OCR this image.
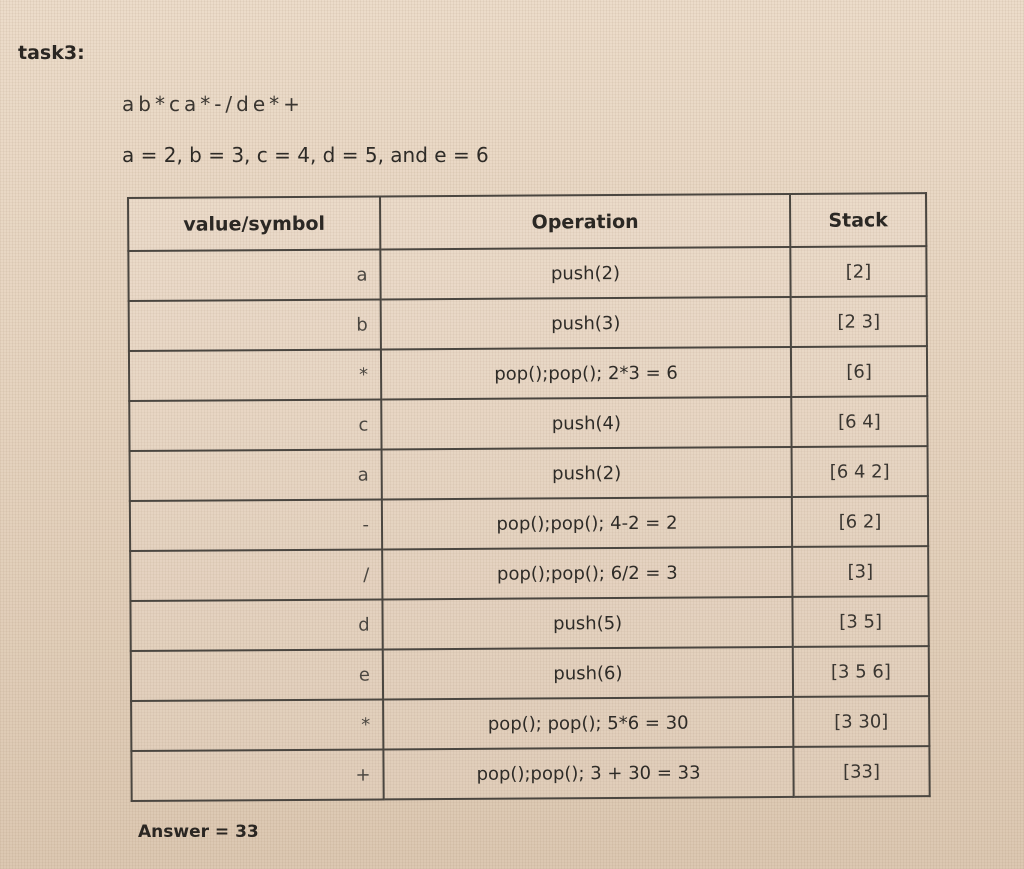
task3:
ab*ca*-/de*+
a = 2, b = 3, c = 4, d = 5, and e = 6
value/symbol	Operation	Stack
a	push(2)	[2]
b	push(3)	[2 3]
*	pop();pop(); 2*3 = 6	[6]
c	push(4)	[6 4]
a	push(2)	[6 4 2]
-	pop();pop(); 4-2 = 2	[6 2]
/	pop();pop(); 6/2 = 3	[3]
d	push(5)	[3 5]
e	push(6)	[3 5 6]
*	pop(); pop(); 5*6 = 30	[3 30]
+	pop();pop(); 3 + 30 = 33	[33]
Answer = 33
